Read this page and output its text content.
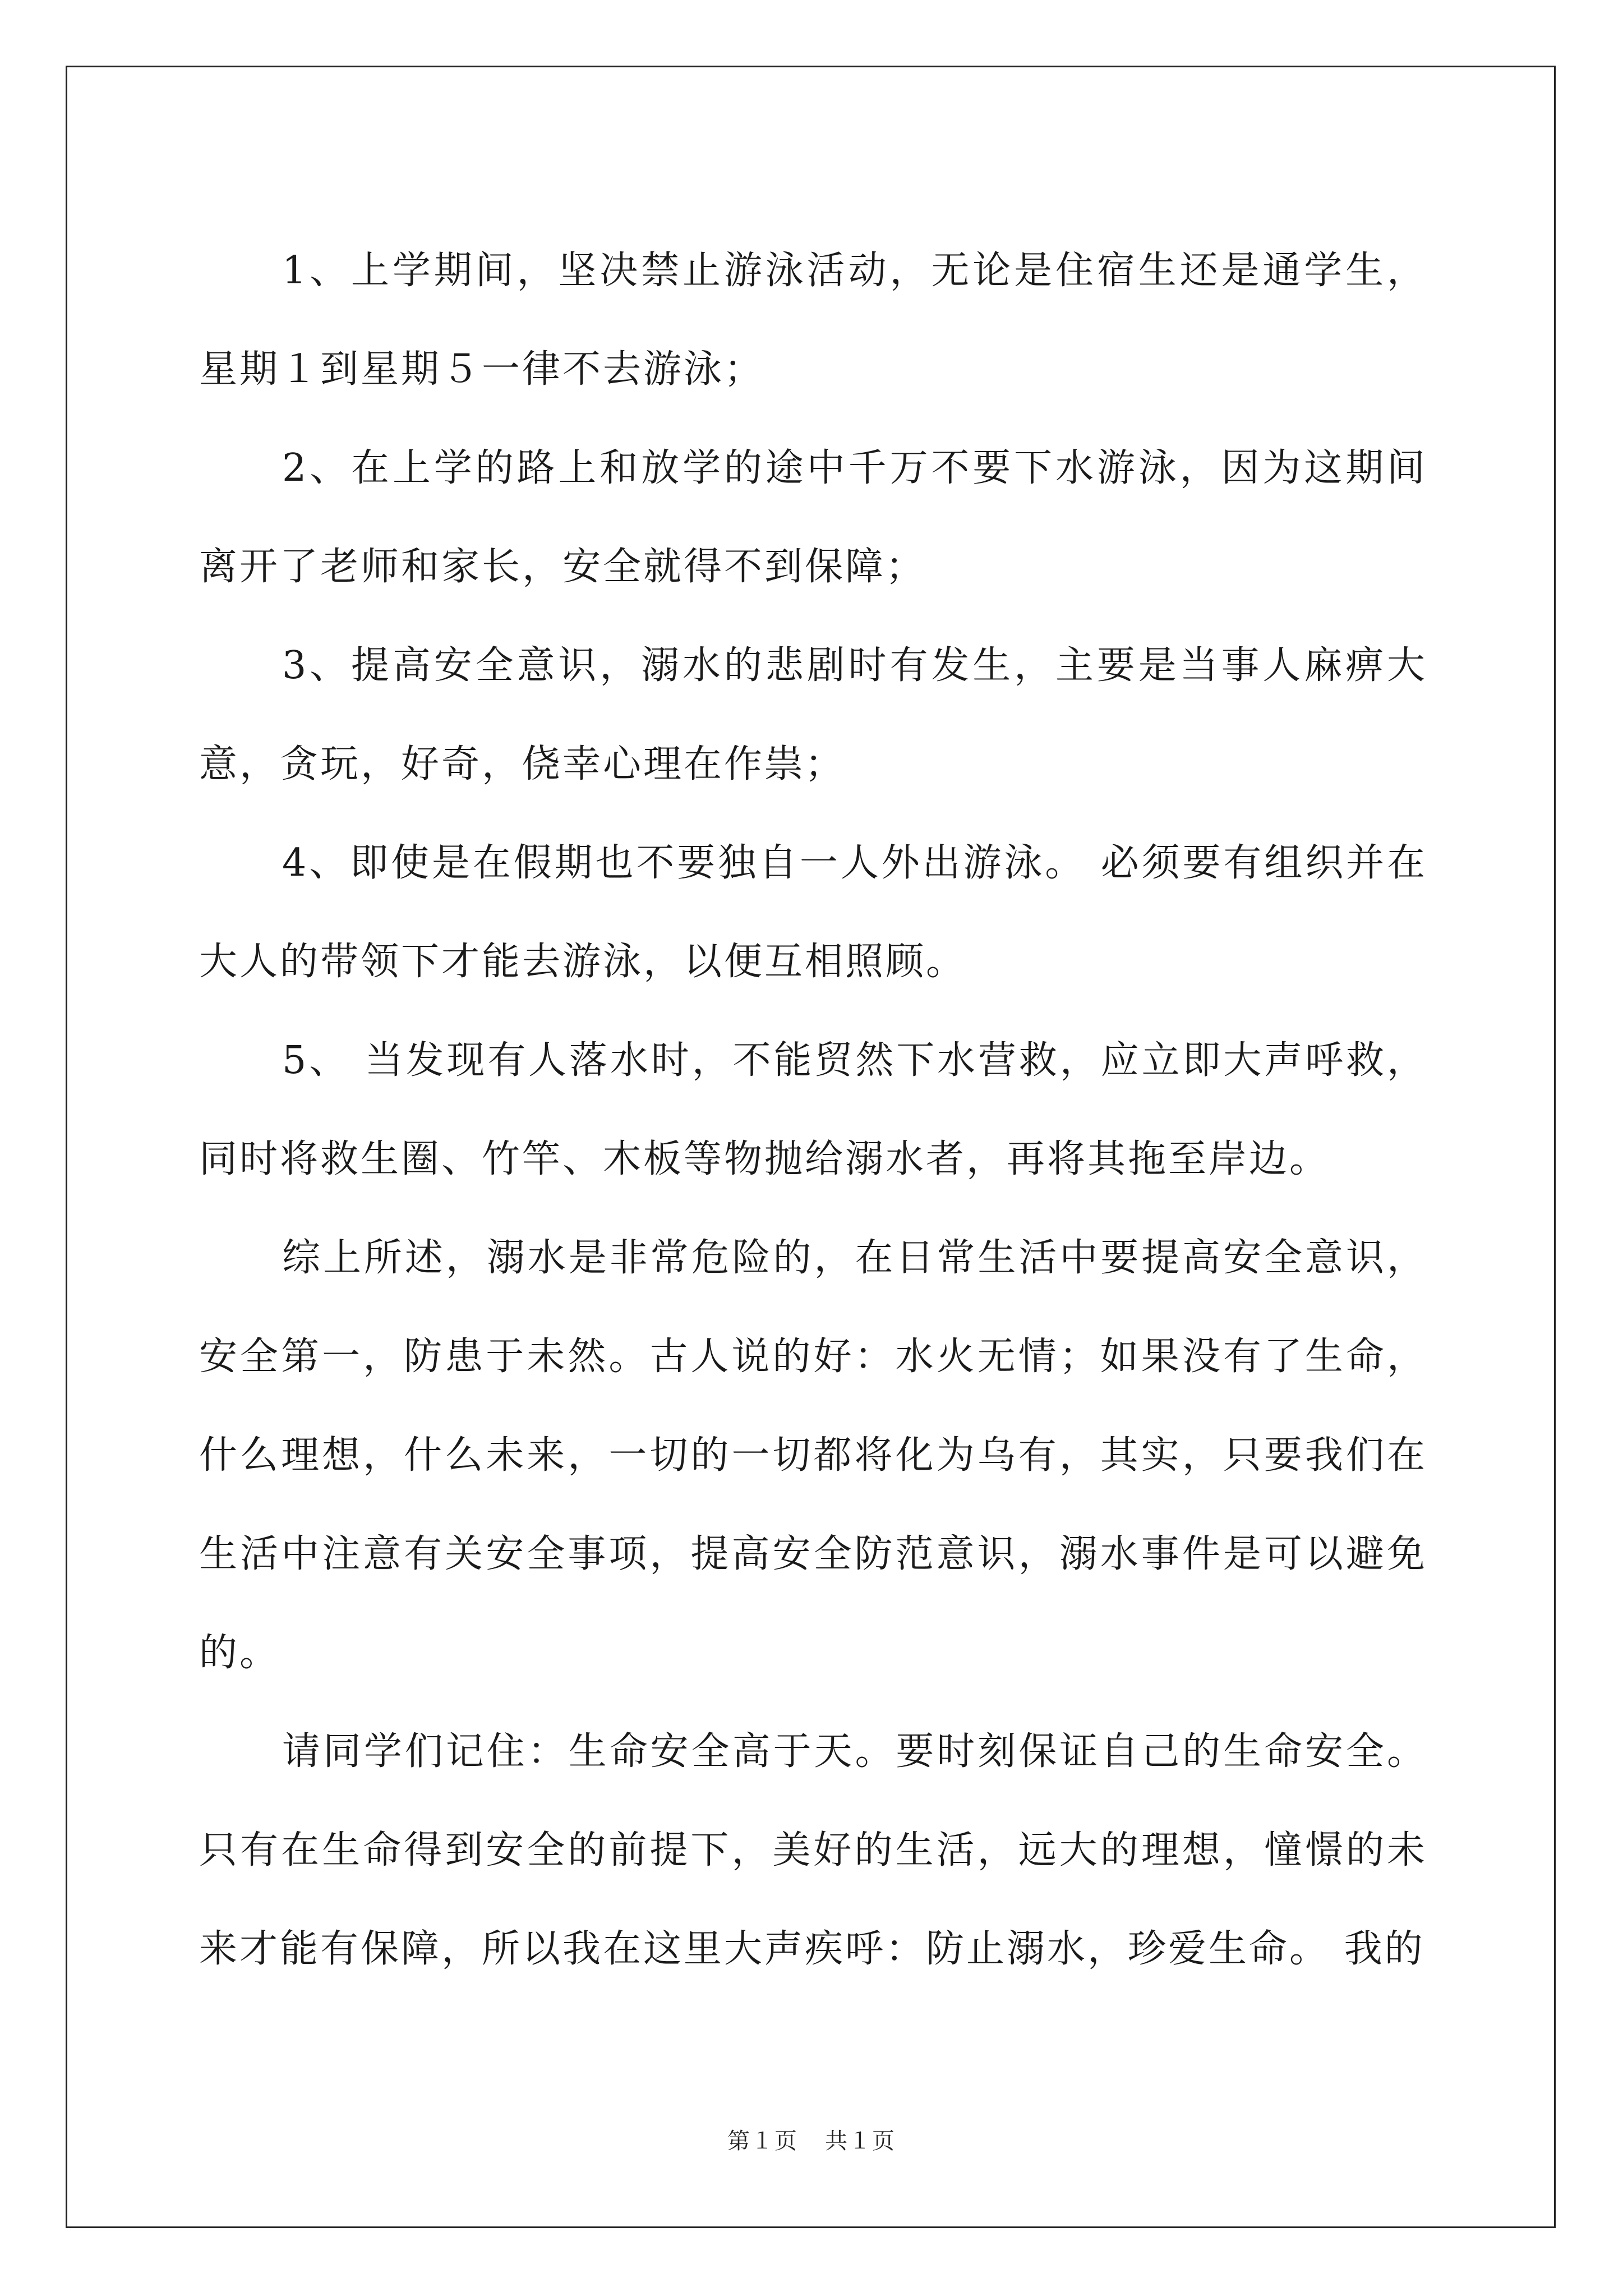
1、上学期间，坚决禁止游泳活动，无论是住宿生还是通学生，星期１到星期５一律不去游泳；

2、在上学的路上和放学的途中千万不要下水游泳，因为这期间离开了老师和家长，安全就得不到保障；

3、提高安全意识，溺水的悲剧时有发生，主要是当事人麻痹大意，贪玩，好奇，侥幸心理在作祟；

4、即使是在假期也不要独自一人外出游泳。 必须要有组织并在大人的带领下才能去游泳，以便互相照顾。

5、 当发现有人落水时，不能贸然下水营救，应立即大声呼救，同时将救生圈、竹竿、木板等物抛给溺水者，再将其拖至岸边。

综上所述，溺水是非常危险的，在日常生活中要提高安全意识，安全第一，防患于未然。古人说的好：水火无情；如果没有了生命，什么理想，什么未来，一切的一切都将化为乌有，其实，只要我们在生活中注意有关安全事项，提高安全防范意识，溺水事件是可以避免的。

请同学们记住：生命安全高于天。要时刻保证自己的生命安全。只有在生命得到安全的前提下，美好的生活，远大的理想，憧憬的未来才能有保障，所以我在这里大声疾呼：防止溺水，珍爱生命。 我的

第１页 共１页
